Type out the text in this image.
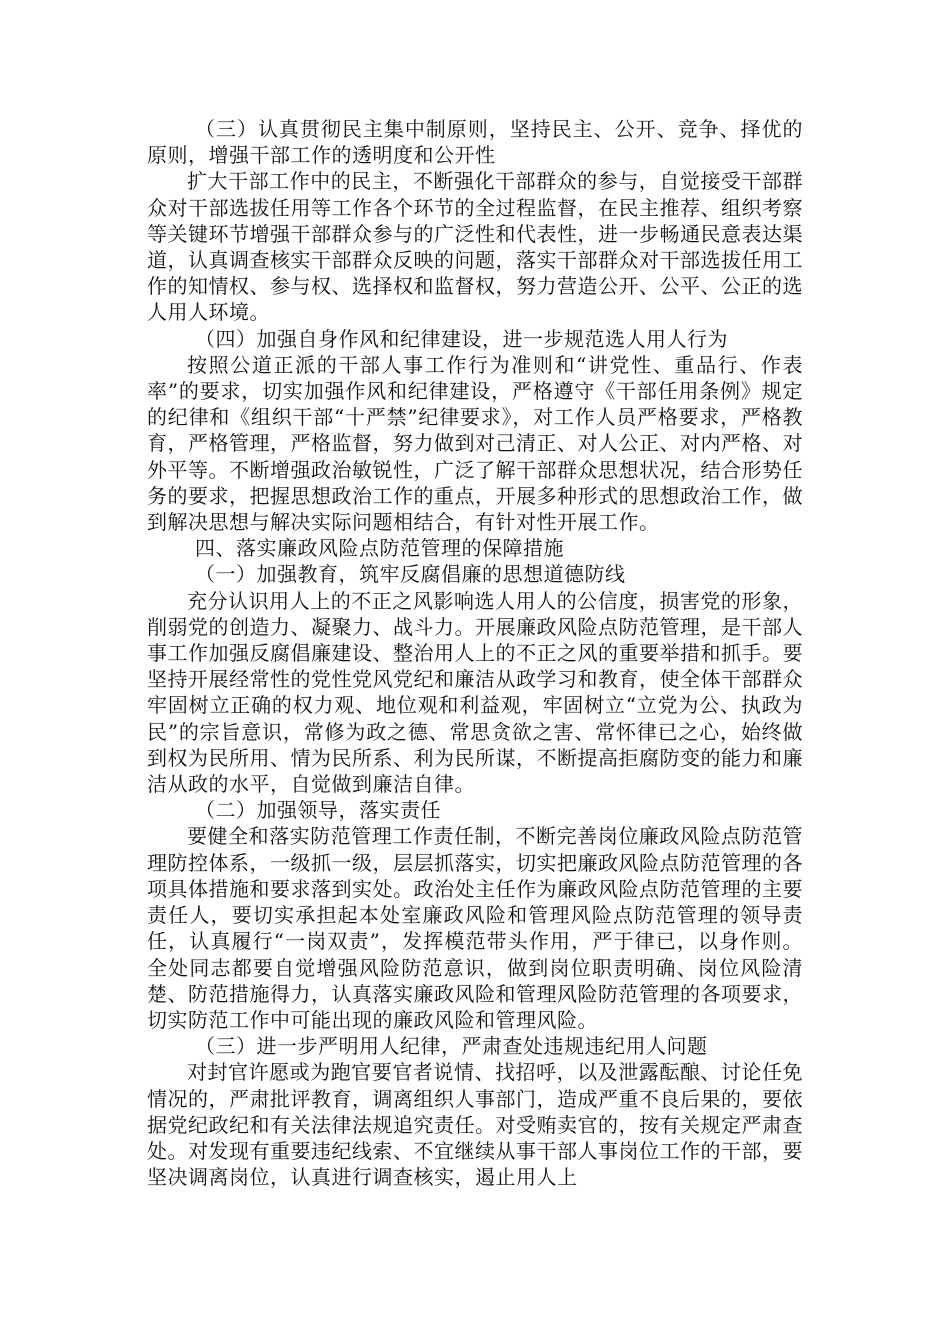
（三）认真贯彻民主集中制原则，坚持民主、公开、竞争、择优的原则，增强干部工作的透明度和公开性

扩大干部工作中的民主，不断强化干部群众的参与，自觉接受干部群众对干部选拔任用等工作各个环节的全过程监督，在民主推荐、组织考察等关键环节增强干部群众参与的广泛性和代表性，进一步畅通民意表达渠道，认真调查核实干部群众反映的问题，落实干部群众对干部选拔任用工作的知情权、参与权、选择权和监督权，努力营造公开、公平、公正的选人用人环境。

（四）加强自身作风和纪律建设，进一步规范选人用人行为

按照公道正派的干部人事工作行为准则和“讲党性、重品行、作表率”的要求，切实加强作风和纪律建设，严格遵守《干部任用条例》规定的纪律和《组织干部“十严禁”纪律要求》，对工作人员严格要求，严格教育，严格管理，严格监督，努力做到对己清正、对人公正、对内严格、对外平等。不断增强政治敏锐性，广泛了解干部群众思想状况，结合形势任务的要求，把握思想政治工作的重点，开展多种形式的思想政治工作，做到解决思想与解决实际问题相结合，有针对性开展工作。

四、落实廉政风险点防范管理的保障措施

（一）加强教育，筑牢反腐倡廉的思想道德防线

充分认识用人上的不正之风影响选人用人的公信度，损害党的形象，削弱党的创造力、凝聚力、战斗力。开展廉政风险点防范管理，是干部人事工作加强反腐倡廉建设、整治用人上的不正之风的重要举措和抓手。要坚持开展经常性的党性党风党纪和廉洁从政学习和教育，使全体干部群众牢固树立正确的权力观、地位观和利益观，牢固树立“立党为公、执政为民”的宗旨意识，常修为政之德、常思贪欲之害、常怀律已之心，始终做到权为民所用、情为民所系、利为民所谋，不断提高拒腐防变的能力和廉洁从政的水平，自觉做到廉洁自律。

（二）加强领导，落实责任

要健全和落实防范管理工作责任制，不断完善岗位廉政风险点防范管理防控体系，一级抓一级，层层抓落实，切实把廉政风险点防范管理的各项具体措施和要求落到实处。政治处主任作为廉政风险点防范管理的主要责任人，要切实承担起本处室廉政风险和管理风险点防范管理的领导责任，认真履行“一岗双责”，发挥模范带头作用，严于律已，以身作则。全处同志都要自觉增强风险防范意识，做到岗位职责明确、岗位风险清楚、防范措施得力，认真落实廉政风险和管理风险防范管理的各项要求，切实防范工作中可能出现的廉政风险和管理风险。

（三）进一步严明用人纪律，严肃查处违规违纪用人问题

对封官许愿或为跑官要官者说情、找招呼，以及泄露酝酿、讨论任免情况的，严肃批评教育，调离组织人事部门，造成严重不良后果的，要依据党纪政纪和有关法律法规追究责任。对受贿卖官的，按有关规定严肃查处。对发现有重要违纪线索、不宜继续从事干部人事岗位工作的干部，要坚决调离岗位，认真进行调查核实，遏止用人上
